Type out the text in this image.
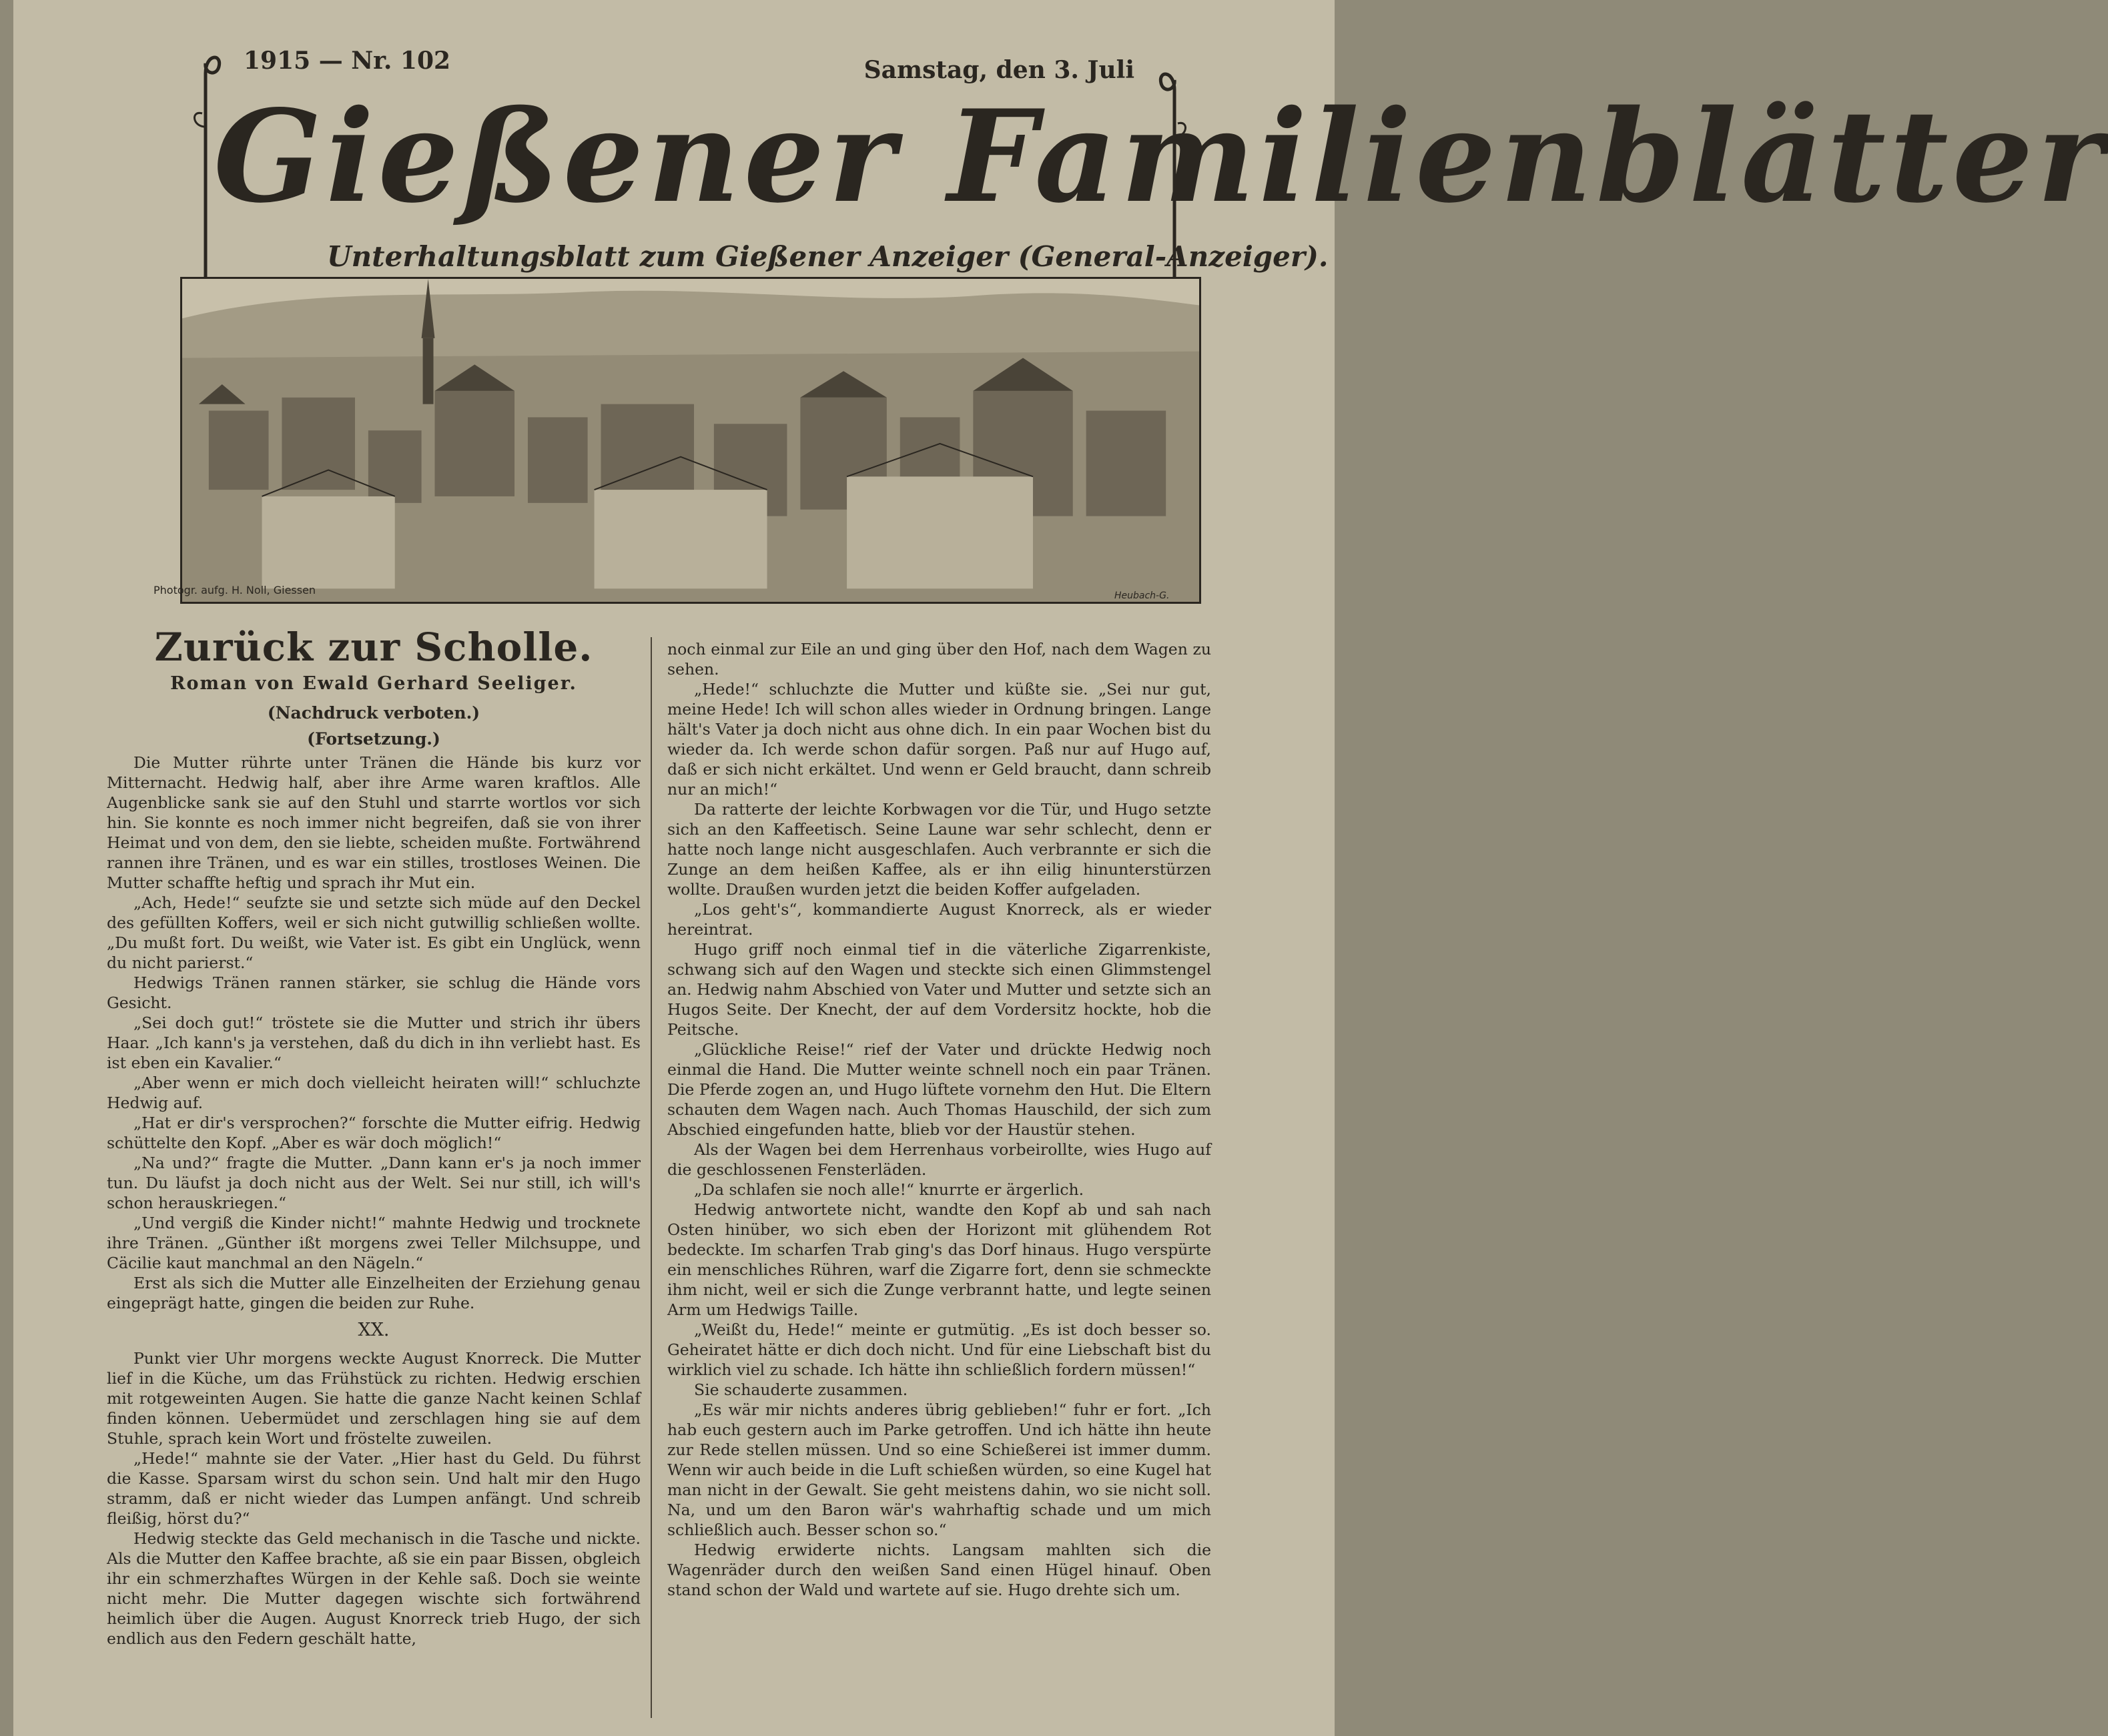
1915 — Nr. 102	Samstag, den 3. Juli
Gießener Familienblätter
Unterhaltungsblatt zum Gießener Anzeiger (General-Anzeiger).
Photogr. aufg. H. Noll, Giessen	Heubach-G.
Zurück zur Scholle.
Roman von Ewald Gerhard Seeliger.
(Nachdruck verboten.)
(Fortsetzung.)

Die Mutter rührte unter Tränen die Hände bis kurz vor Mitternacht. Hedwig half, aber ihre Arme waren kraftlos. Alle Augenblicke sank sie auf den Stuhl und starrte wortlos vor sich hin. Sie konnte es noch immer nicht begreifen, daß sie von ihrer Heimat und von dem, den sie liebte, scheiden mußte. Fortwährend rannen ihre Tränen, und es war ein stilles, trostloses Weinen. Die Mutter schaffte heftig und sprach ihr Mut ein.

„Ach, Hede!“ seufzte sie und setzte sich müde auf den Deckel des gefüllten Koffers, weil er sich nicht gutwillig schließen wollte. „Du mußt fort. Du weißt, wie Vater ist. Es gibt ein Unglück, wenn du nicht parierst.“

Hedwigs Tränen rannen stärker, sie schlug die Hände vors Gesicht.

„Sei doch gut!“ tröstete sie die Mutter und strich ihr übers Haar. „Ich kann's ja verstehen, daß du dich in ihn verliebt hast. Es ist eben ein Kavalier.“

„Aber wenn er mich doch vielleicht heiraten will!“ schluchzte Hedwig auf.

„Hat er dir's versprochen?“ forschte die Mutter eifrig. Hedwig schüttelte den Kopf. „Aber es wär doch möglich!“

„Na und?“ fragte die Mutter. „Dann kann er's ja noch immer tun. Du läufst ja doch nicht aus der Welt. Sei nur still, ich will's schon herauskriegen.“

„Und vergiß die Kinder nicht!“ mahnte Hedwig und trocknete ihre Tränen. „Günther ißt morgens zwei Teller Milchsuppe, und Cäcilie kaut manchmal an den Nägeln.“

Erst als sich die Mutter alle Einzelheiten der Erziehung genau eingeprägt hatte, gingen die beiden zur Ruhe.

XX.

Punkt vier Uhr morgens weckte August Knorreck. Die Mutter lief in die Küche, um das Frühstück zu richten. Hedwig erschien mit rotgeweinten Augen. Sie hatte die ganze Nacht keinen Schlaf finden können. Uebermüdet und zerschlagen hing sie auf dem Stuhle, sprach kein Wort und fröstelte zuweilen.

„Hede!“ mahnte sie der Vater. „Hier hast du Geld. Du führst die Kasse. Sparsam wirst du schon sein. Und halt mir den Hugo stramm, daß er nicht wieder das Lumpen anfängt. Und schreib fleißig, hörst du?“

Hedwig steckte das Geld mechanisch in die Tasche und nickte. Als die Mutter den Kaffee brachte, aß sie ein paar Bissen, obgleich ihr ein schmerzhaftes Würgen in der Kehle saß. Doch sie weinte nicht mehr. Die Mutter dagegen wischte sich fortwährend heimlich über die Augen. August Knorreck trieb Hugo, der sich endlich aus den Federn geschält hatte,

noch einmal zur Eile an und ging über den Hof, nach dem Wagen zu sehen.

„Hede!“ schluchzte die Mutter und küßte sie. „Sei nur gut, meine Hede! Ich will schon alles wieder in Ordnung bringen. Lange hält's Vater ja doch nicht aus ohne dich. In ein paar Wochen bist du wieder da. Ich werde schon dafür sorgen. Paß nur auf Hugo auf, daß er sich nicht erkältet. Und wenn er Geld braucht, dann schreib nur an mich!“

Da ratterte der leichte Korbwagen vor die Tür, und Hugo setzte sich an den Kaffeetisch. Seine Laune war sehr schlecht, denn er hatte noch lange nicht ausgeschlafen. Auch verbrannte er sich die Zunge an dem heißen Kaffee, als er ihn eilig hinunterstürzen wollte. Draußen wurden jetzt die beiden Koffer aufgeladen.

„Los geht's“, kommandierte August Knorreck, als er wieder hereintrat.

Hugo griff noch einmal tief in die väterliche Zigarrenkiste, schwang sich auf den Wagen und steckte sich einen Glimmstengel an. Hedwig nahm Abschied von Vater und Mutter und setzte sich an Hugos Seite. Der Knecht, der auf dem Vordersitz hockte, hob die Peitsche.

„Glückliche Reise!“ rief der Vater und drückte Hedwig noch einmal die Hand. Die Mutter weinte schnell noch ein paar Tränen. Die Pferde zogen an, und Hugo lüftete vornehm den Hut. Die Eltern schauten dem Wagen nach. Auch Thomas Hauschild, der sich zum Abschied eingefunden hatte, blieb vor der Haustür stehen.

Als der Wagen bei dem Herrenhaus vorbeirollte, wies Hugo auf die geschlossenen Fensterläden.

„Da schlafen sie noch alle!“ knurrte er ärgerlich.

Hedwig antwortete nicht, wandte den Kopf ab und sah nach Osten hinüber, wo sich eben der Horizont mit glühendem Rot bedeckte. Im scharfen Trab ging's das Dorf hinaus. Hugo verspürte ein menschliches Rühren, warf die Zigarre fort, denn sie schmeckte ihm nicht, weil er sich die Zunge verbrannt hatte, und legte seinen Arm um Hedwigs Taille.

„Weißt du, Hede!“ meinte er gutmütig. „Es ist doch besser so. Geheiratet hätte er dich doch nicht. Und für eine Liebschaft bist du wirklich viel zu schade. Ich hätte ihn schließlich fordern müssen!“

Sie schauderte zusammen.

„Es wär mir nichts anderes übrig geblieben!“ fuhr er fort. „Ich hab euch gestern auch im Parke getroffen. Und ich hätte ihn heute zur Rede stellen müssen. Und so eine Schießerei ist immer dumm. Wenn wir auch beide in die Luft schießen würden, so eine Kugel hat man nicht in der Gewalt. Sie geht meistens dahin, wo sie nicht soll. Na, und um den Baron wär's wahrhaftig schade und um mich schließlich auch. Besser schon so.“

Hedwig erwiderte nichts. Langsam mahlten sich die Wagenräder durch den weißen Sand einen Hügel hinauf. Oben stand schon der Wald und wartete auf sie. Hugo drehte sich um.
